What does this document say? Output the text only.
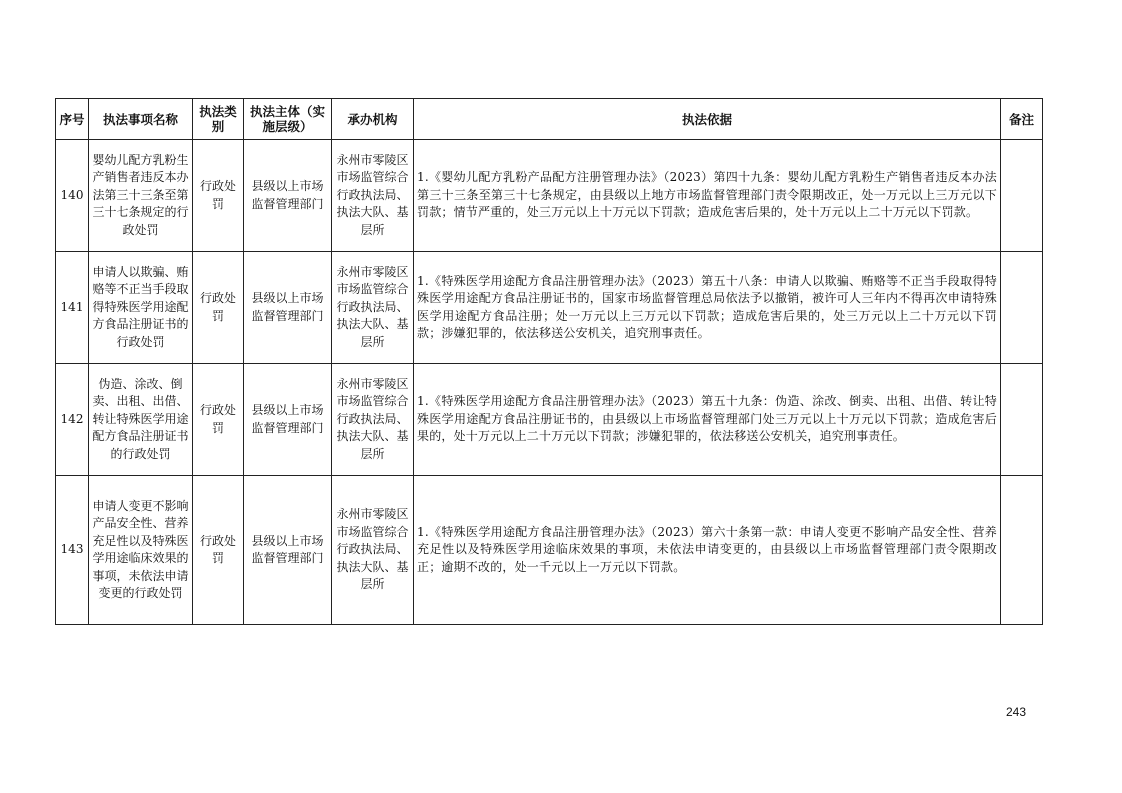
序号	执法事项名称	执法类别	执法主体（实施层级）	承办机构	执法依据	备注
140	婴幼儿配方乳粉生产销售者违反本办法第三十三条至第三十七条规定的行政处罚	行政处罚	县级以上市场监督管理部门	永州市零陵区市场监管综合行政执法局、执法大队、基层所	1.《婴幼儿配方乳粉产品配方注册管理办法》（2023）第四十九条：婴幼儿配方乳粉生产销售者违反本办法第三十三条至第三十七条规定，由县级以上地方市场监督管理部门责令限期改正，处一万元以上三万元以下罚款；情节严重的，处三万元以上十万元以下罚款；造成危害后果的，处十万元以上二十万元以下罚款。	
141	申请人以欺骗、贿赂等不正当手段取得特殊医学用途配方食品注册证书的行政处罚	行政处罚	县级以上市场监督管理部门	永州市零陵区市场监管综合行政执法局、执法大队、基层所	1.《特殊医学用途配方食品注册管理办法》（2023）第五十八条：申请人以欺骗、贿赂等不正当手段取得特殊医学用途配方食品注册证书的，国家市场监督管理总局依法予以撤销，被许可人三年内不得再次申请特殊医学用途配方食品注册；处一万元以上三万元以下罚款；造成危害后果的，处三万元以上二十万元以下罚款；涉嫌犯罪的，依法移送公安机关，追究刑事责任。	
142	伪造、涂改、倒卖、出租、出借、转让特殊医学用途配方食品注册证书的行政处罚	行政处罚	县级以上市场监督管理部门	永州市零陵区市场监管综合行政执法局、执法大队、基层所	1.《特殊医学用途配方食品注册管理办法》（2023）第五十九条：伪造、涂改、倒卖、出租、出借、转让特殊医学用途配方食品注册证书的，由县级以上市场监督管理部门处三万元以上十万元以下罚款；造成危害后果的，处十万元以上二十万元以下罚款；涉嫌犯罪的，依法移送公安机关，追究刑事责任。	
143	申请人变更不影响产品安全性、营养充足性以及特殊医学用途临床效果的事项，未依法申请变更的行政处罚	行政处罚	县级以上市场监督管理部门	永州市零陵区市场监管综合行政执法局、执法大队、基层所	1.《特殊医学用途配方食品注册管理办法》（2023）第六十条第一款：申请人变更不影响产品安全性、营养充足性以及特殊医学用途临床效果的事项，未依法申请变更的，由县级以上市场监督管理部门责令限期改正；逾期不改的，处一千元以上一万元以下罚款。	
243
